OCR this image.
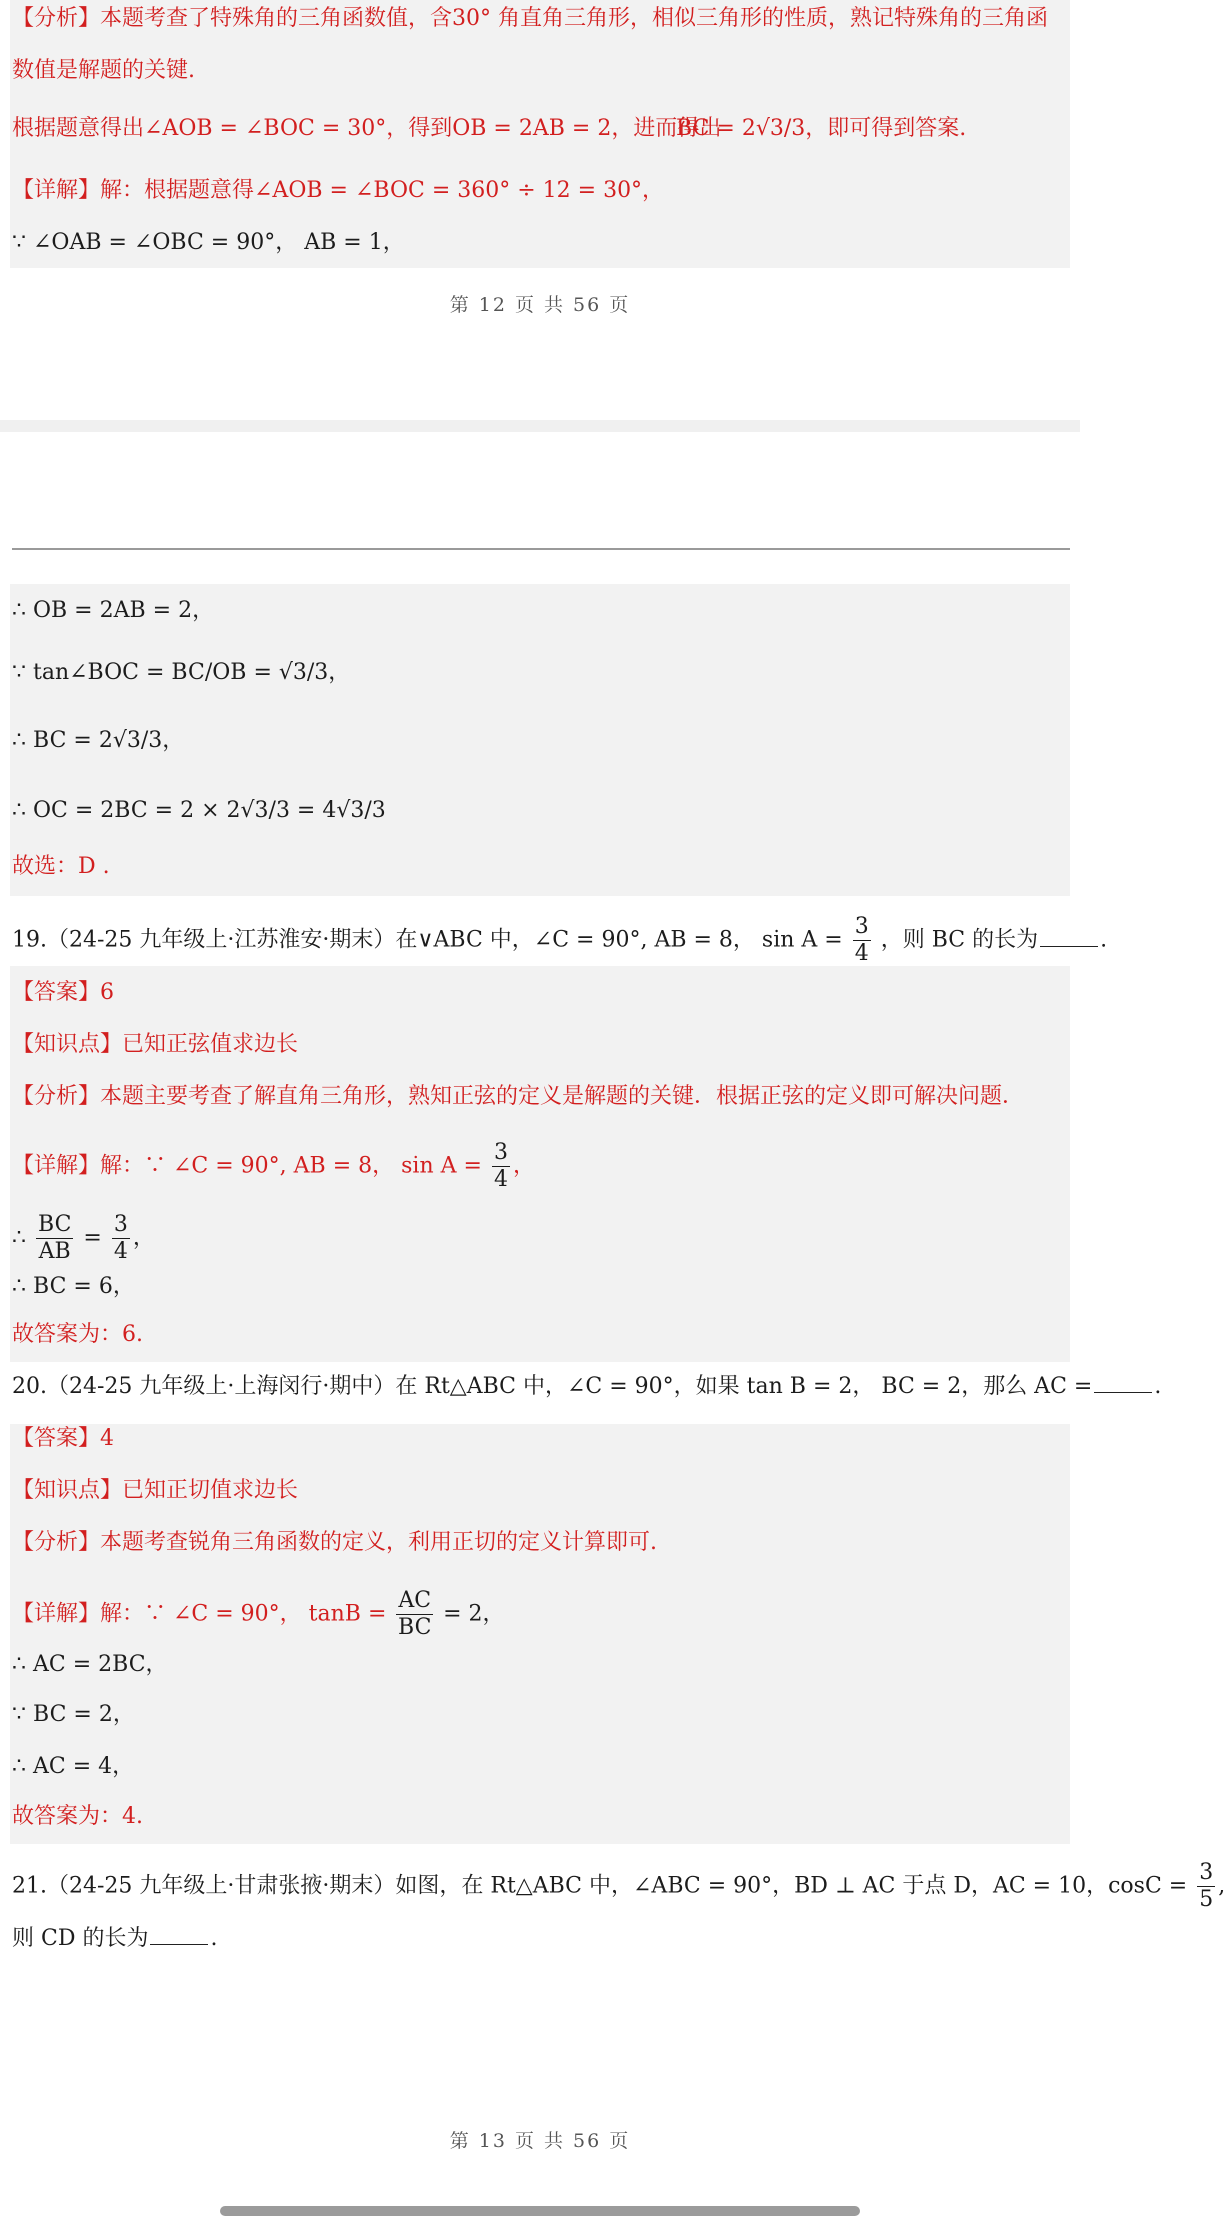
【分析】本题考查了特殊角的三角函数值，含30° 角直角三角形，相似三角形的性质，熟记特殊角的三角函
数值是解题的关键.
根据题意得出∠AOB = ∠BOC = 30°，得到OB = 2AB = 2，进而得出
BC = 2√3/3，即可得到答案.
【详解】解：根据题意得∠AOB = ∠BOC = 360° ÷ 12 = 30°，
∵ ∠OAB = ∠OBC = 90°， AB = 1，
第 12 页 共 56 页
∴ OB = 2AB = 2，
∵ tan∠BOC = BC/OB = √3/3，
∴ BC = 2√3/3，
∴ OC = 2BC = 2 × 2√3/3 = 4√3/3
故选：D .
19.（24-25 九年级上·江苏淮安·期末）在∨ABC 中，∠C = 90°, AB = 8， $\sin A = \frac{3}{4}$ ，则 BC 的长为	.
【答案】6
【知识点】已知正弦值求边长
【分析】本题主要考查了解直角三角形，熟知正弦的定义是解题的关键．根据正弦的定义即可解决问题．
【详解】解：∵ ∠C = 90°, AB = 8， $\sin A = \frac{3}{4}$ ，
∴ $\frac{BC}{AB} = \frac{3}{4}$ ，
∴ BC = 6，
故答案为：6.
20.（24-25 九年级上·上海闵行·期中）在 Rt△ABC 中，∠C = 90°，如果 tan B = 2， BC = 2，那么 AC =	.
【答案】4
【知识点】已知正切值求边长
【分析】本题考查锐角三角函数的定义，利用正切的定义计算即可.
【详解】解：∵ ∠C = 90°， $\tan B = \frac{AC}{BC} = 2$，
∴ AC = 2BC，
∵ BC = 2，
∴ AC = 4，
故答案为：4.
21.（24-25 九年级上·甘肃张掖·期末）如图，在 Rt△ABC 中，∠ABC = 90°，BD ⊥ AC 于点 D，AC = 10，$\cos C = \frac{3}{5}$ ,
则 CD 的长为	.
第 13 页 共 56 页
